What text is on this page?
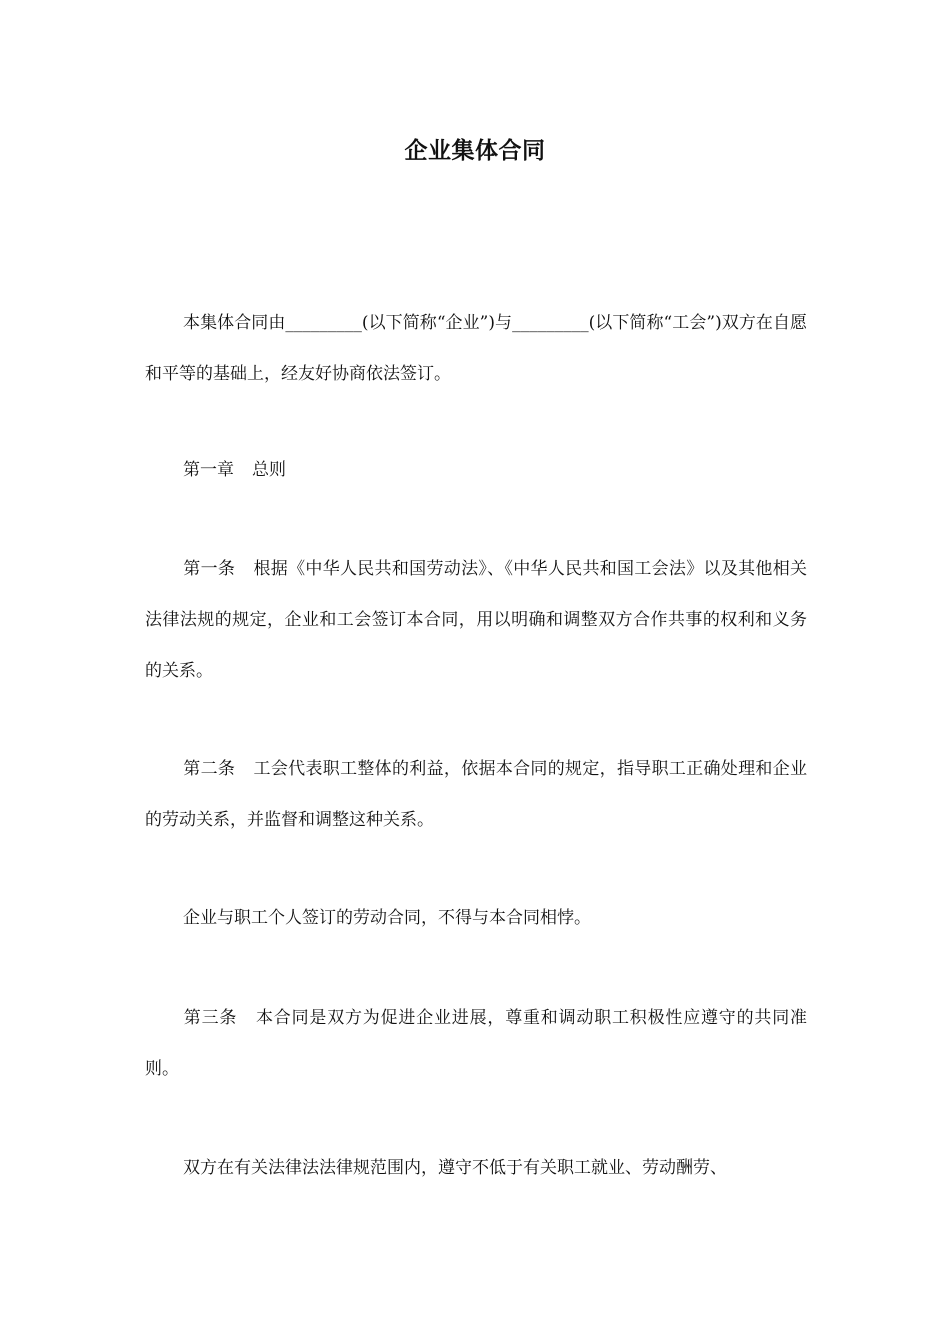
企业集体合同
本集体合同由_________(以下简称“企业”)与_________(以下简称“工会”)双方在自愿和平等的基础上，经友好协商依法签订。
第一章 总则
第一条 根据《中华人民共和国劳动法》、《中华人民共和国工会法》以及其他相关法律法规的规定，企业和工会签订本合同，用以明确和调整双方合作共事的权利和义务的关系。
第二条 工会代表职工整体的利益，依据本合同的规定，指导职工正确处理和企业的劳动关系，并监督和调整这种关系。
企业与职工个人签订的劳动合同，不得与本合同相悖。
第三条 本合同是双方为促进企业进展，尊重和调动职工积极性应遵守的共同准则。
双方在有关法律法法律规范围内，遵守不低于有关职工就业、劳动酬劳、
